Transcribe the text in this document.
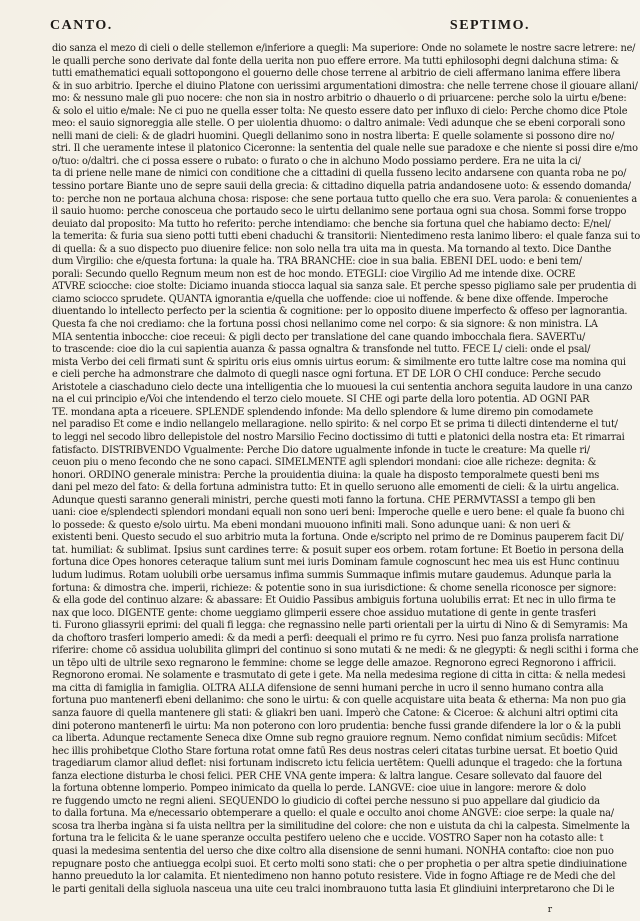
CANTO.	SEPTIMO.
dio sanza el mezo di cieli o delle stellemon e/inferiore a quegli: Ma superiore: Onde no solamete le nostre sacre letrere: ne/
le qualli perche sono derivate dal fonte della uerita non puo effere errore. Ma tutti ephilosophi degni dalchuna stima: &
tutti emathematici equali sottopongono el gouerno delle chose terrene al arbitrio de cieli affermano lanima effere libera
& in suo arbitrio. Iperche el diuino Platone con uerissimi argumentationi dimostra: che nelle terrene chose il giouare allani/
mo: & nessuno male gli puo nocere: che non sia in nostro arbitrio o dhauerlo o di priuarcene: perche solo la uirtu e/bene:
& solo el uitio e/male: Ne ci puo ne quella esser tolta: Ne questo essere dato per influxo di cielo: Perche chomo dice Ptole
meo: el sauio signoreggia alle stelle. O per uiolentia dhuomo: o daltro animale: Vedi adunque che se ebeni corporali sono
nelli mani de cieli: & de gladri huomini. Quegli dellanimo sono in nostra liberta: E quelle solamente si possono dire no/
stri. Il che ueramente intese il platonico Ciceronne: la sententia del quale nelle sue paradoxe e che niente si possi dire e/mo
o/tuo: o/daltri. che ci possa essere o rubato: o furato o che in alchuno Modo possiamo perdere. Era ne uita la ci/
ta di priene nelle mane de nimici con conditione che a cittadini di quella fusseno lecito andarsene con quanta roba ne po/
tessino portare Biante uno de sepre sauii della grecia: & cittadino diquella patria andandosene uoto: & essendo domanda/
to: perche non ne portaua alchuna chosa: rispose: che sene portaua tutto quello che era suo. Vera parola: & conuenientes a
il sauio huomo: perche conosceua che portaudo seco le uirtu dellanimo sene portaua ogni sua chosa. Sommi forse troppo
deuiato dal proposito: Ma tutto ho referito: perche intendiamo: che benche sia fortuna quel che habiamo decto: E/nel/
la temerita: & furia sua sieno potti tutti ebeni chaduchi & transitorii: Nientedimeno resta lanimo libero: el quale fanza sui to
di quella: & a suo dispecto puo diuenire felice: non solo nella tra uita ma in questa. Ma tornando al texto. Dice Danthe
dum Virgilio: che e/questa fortuna: la quale ha. TRA BRANCHE: cioe in sua balia. EBENI DEL uodo: e beni tem/
porali: Secundo quello Regnum meum non est de hoc mondo. ETEGLI: cioe Virgilio Ad me intende dixe. OCRE
ATVRE sciocche: cioe stolte: Diciamo inuanda stiocca laqual sia sanza sale. Et perche spesso pigliamo sale per prudentia di
ciamo sciocco sprudete. QUANTA ignorantia e/quella che uoffende: cioe ui noffende. & bene dixe offende. Imperoche
diuentando lo intellecto perfecto per la scientia & cognitione: per lo opposito diuene imperfecto & offeso per lagnorantia.
Questa fa che noi crediamo: che la fortuna possi chosi nellanimo come nel corpo: & sia signore: & non ministra. LA
MIA sententia inbocche: cioe receui: & pigli decto per translatione del cane quando imbocchala fiera. SAVERTu/
to trascende: cioe dio la cui sapientia auanza & passa ognaltra & transfonde nel tutto. FECE L/ cieli: onde el psal/
mista Verbo dei celi firmati sunt & spiritu oris eius omnis uirtus eorum: & similmente ero tutte laltre cose ma nomina qui
e cieli perche ha admonstrare che dalmoto di quegli nasce ogni fortuna. ET DE LOR O CHI conduce: Perche secudo
Aristotele a ciaschaduno cielo decte una intelligentia che lo muouesi la cui sententia anchora seguita laudore in una canzo
na el cui principio e/Voi che intendendo el terzo cielo mouete. SI CHE ogi parte della loro potentia. AD OGNI PAR
TE. mondana apta a riceuere. SPLENDE splendendo infonde: Ma dello splendore & lume diremo pin comodamete
nel paradiso Et come e indio nellangelo mellaragione. nello spirito: & nel corpo Et se prima ti dilecti dintenderne el tut/
to leggi nel secodo libro dellepistole del nostro Marsilio Fecino doctissimo di tutti e platonici della nostra eta: Et rimarrai
fatisfacto. DISTRIBVENDO Vgualmente: Perche Dio datore ugualmente infonde in tucte le creature: Ma quelle ri/
ceuon piu o meno fecondo che ne sono capaci. SIMELMENTE agli splendori mondani: cioe alle richeze: degnita: &
honori. ORDINO generale ministra: Perche la prouidentia diuina: la quale ha disposto temporalmete questi beni ms
dani pel mezo del fato: & della fortuna administra tutto: Et in quello seruono alle emomenti de cieli: & la uirtu angelica.
Adunque questi saranno generali ministri, perche questi moti fanno la fortuna. CHE PERMVTASSI a tempo gli ben
uani: cioe e/splendecti splendori mondani equali non sono ueri beni: Imperoche quelle e uero bene: el quale fa buono chi
lo possede: & questo e/solo uirtu. Ma ebeni mondani muouono infiniti mali. Sono adunque uani: & non ueri &
existenti beni. Questo secudo el suo arbitrio muta la fortuna. Onde e/scripto nel primo de re Dominus pauperem facit Di/
tat. humiliat: & sublimat. Ipsius sunt cardines terre: & posuit super eos orbem. rotam fortune: Et Boetio in persona della
fortuna dice Opes honores ceteraque talium sunt mei iuris Dominam famule cognoscunt hec mea uis est Hunc continuu
ludum ludimus. Rotam uolubili orbe uersamus infima summis Summaque infimis mutare gaudemus. Adunque parla la
fortuna: & dimostra che. imperii, richieze: & potentie sono in sua iurisdictione: & chome senella riconosce per signore:
& ella gode del continuo alzare: & abassare: Et Ouidio Passibus ambiguis fortuna uolubilis errat: Et nec in ullo firma te
nax que loco. DIGENTE gente: chome ueggiamo glimperii essere choe assiduo mutatione di gente in gente trasferi
ti. Furono gliassyrii eprimi: del quali fi legga: che regnassino nelle parti orientali per la uirtu di Nino & di Semyramis: Ma
da choftoro trasferi lomperio amedi: & da medi a perfi: deequali el primo re fu cyrro. Nesi puo fanza prolisfa narratione
riferire: chome cō assidua uolubilita glimpri del continuo si sono mutati & ne medi: & ne glegypti: & negli scithi i forma che
un tēpo ulti de ultrile sexo regnarono le femmine: chome se legge delle amazoe. Regnorono egreci Regnorono i affricii.
Regnorono eromai. Ne solamente e trasmutato di gete i gete. Ma nella medesima regione di citta in citta: & nella medesi
ma citta di famiglia in famiglia. OLTRA ALLA difensione de senni humani perche in ucro il senno humano contra alla
fortuna puo mantenerfi ebeni dellanimo: che sono le uirtu: & con quelle acquistare uita beata & etherna: Ma non puo gia
sanza fauore di quella mantenere gli stati: & gliakri ben uani. Imperò che Catone: & Ciceroe: & alchuni altri optimi cita
dini poterono mantenerfi le uirtu: Ma non poterono con loro prudentia: benche fussi grande difendere la lor o & la publi
ca liberta. Adunque rectamente Seneca dixe Omne sub regno grauiore regnum. Nemo confidat nimium secūdis: Mifcet
hec illis prohibetque Clotho Stare fortuna rotat omne fatū Res deus nostras celeri citatas turbine uersat. Et boetio Quid
tragediarum clamor aliud deflet: nisi fortunam indiscreto ictu felicia uertētem: Quelli adunque el tragedo: che la fortuna
fanza electione disturba le chosi felici. PER CHE VNA gente impera: & laltra langue. Cesare sollevato dal fauore del
la fortuna obtenne lomperio. Pompeo inimicato da quella lo perde. LANGVE: cioe uiue in langore: merore & dolo
re fuggendo umcto ne regni alieni. SEQUENDO lo giudicio di coftei perche nessuno si puo appellare dal giudicio da
to dalla fortuna. Ma e/necessario obtemperare a quello: el quale e occulto anoi chome ANGVE: cioe serpe: la quale na/
scosa tra lherba ingàna si fa uista nelltra per la similitudine del colore: che non e uistuta da chi la calpesta. Simelmente la
fortuna tra le felicita & le uane speranze occulta pestifero ueleno che e uccide. VOSTRO Saper non ha cotasto alle: t
quasi la medesima sententia del uerso che dixe coltro alla disensione de senni humani. NONHA contafto: cioe non puo
repugnare posto che antiuegga ecolpi suoi. Et certo molti sono stati: che o per prophetia o per altra spetie dindiuinatione
hanno preueduto la lor calamita. Et nientedimeno non hanno potuto resistere. Vide in fogno Aftiage re de Medi che del
le parti genitali della sigluola nasceua una uite ceu tralci inombrauono tutta lasia Et glindiuini interpretarono che Di le
r
